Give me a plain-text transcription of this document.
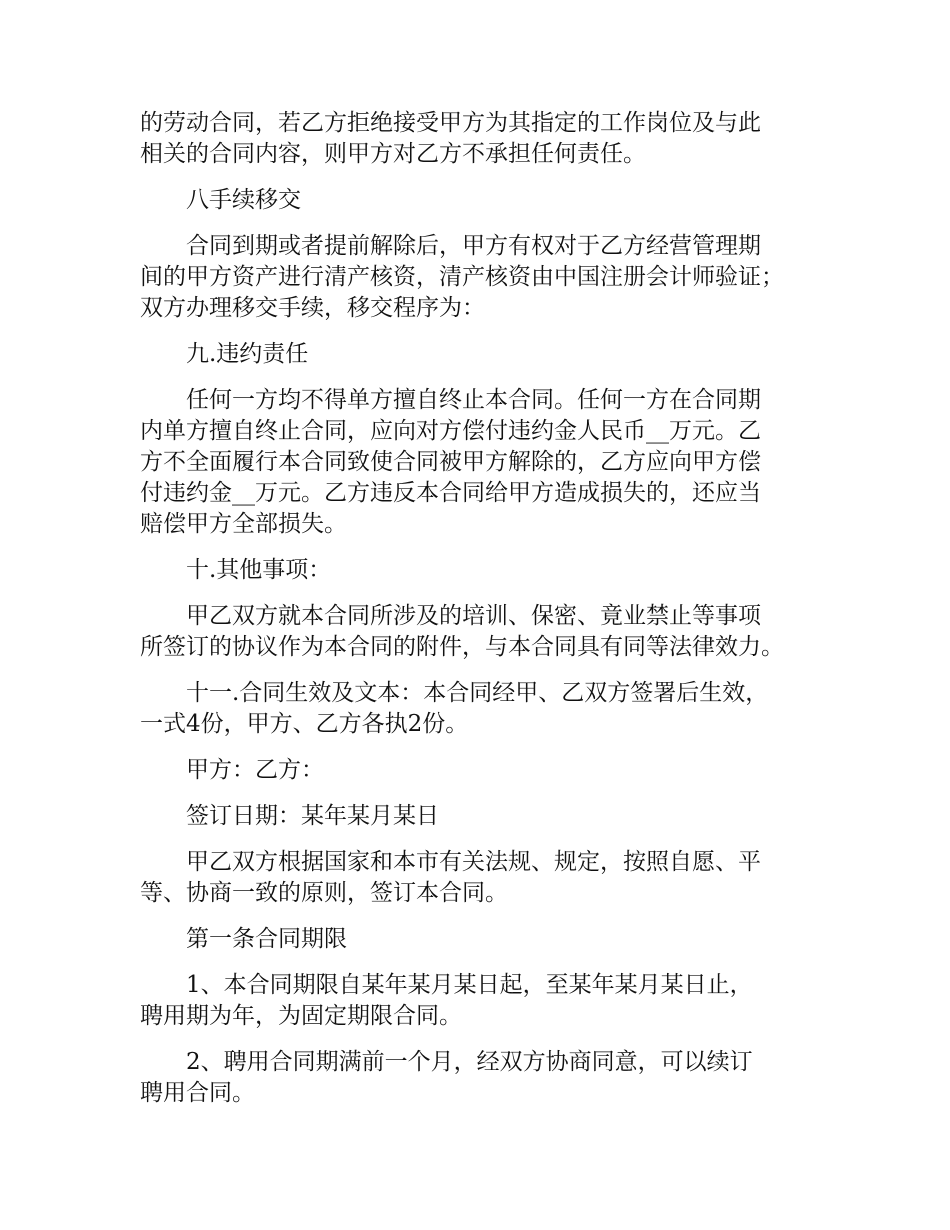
的劳动合同，若乙方拒绝接受甲方为其指定的工作岗位及与此
相关的合同内容，则甲方对乙方不承担任何责任。
八手续移交
合同到期或者提前解除后，甲方有权对于乙方经营管理期
间的甲方资产进行清产核资，清产核资由中国注册会计师验证；
双方办理移交手续，移交程序为：
九.违约责任
任何一方均不得单方擅自终止本合同。任何一方在合同期
内单方擅自终止合同，应向对方偿付违约金人民币__万元。乙
方不全面履行本合同致使合同被甲方解除的，乙方应向甲方偿
付违约金__万元。乙方违反本合同给甲方造成损失的，还应当
赔偿甲方全部损失。
十.其他事项：
甲乙双方就本合同所涉及的培训、保密、竟业禁止等事项
所签订的协议作为本合同的附件，与本合同具有同等法律效力。
十一.合同生效及文本：本合同经甲、乙双方签署后生效，
一式4份，甲方、乙方各执2份。
甲方：乙方：
签订日期：某年某月某日
甲乙双方根据国家和本市有关法规、规定，按照自愿、平
等、协商一致的原则，签订本合同。
第一条合同期限
1、本合同期限自某年某月某日起，至某年某月某日止，
聘用期为年，为固定期限合同。
2、聘用合同期满前一个月，经双方协商同意，可以续订
聘用合同。
